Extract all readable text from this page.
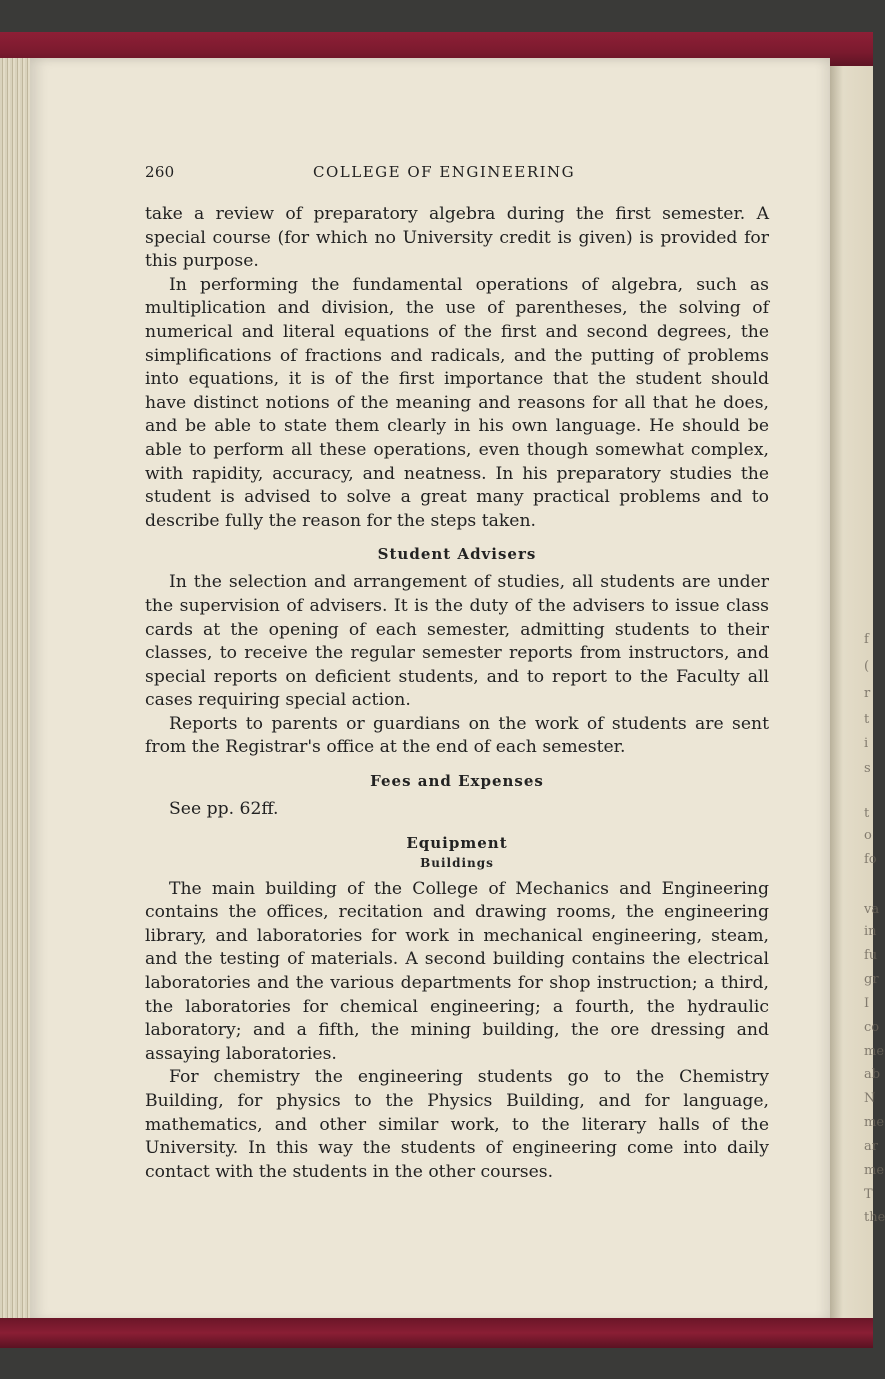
f
(
r
t
i
s
t
o
fo
va
in
fu
gr
I
co
me
ab
N
me
ar
me
T
the
260	COLLEGE OF ENGINEERING

take a review of preparatory algebra during the first semester. A special course (for which no University credit is given) is provided for this purpose.

In performing the fundamental operations of algebra, such as multiplication and division, the use of parentheses, the solving of numerical and literal equations of the first and second degrees, the simplifications of fractions and radicals, and the putting of problems into equations, it is of the first importance that the student should have distinct notions of the meaning and reasons for all that he does, and be able to state them clearly in his own language. He should be able to perform all these operations, even though somewhat complex, with rapidity, accuracy, and neatness. In his preparatory studies the student is advised to solve a great many practical problems and to describe fully the reason for the steps taken.

Student Advisers

In the selection and arrangement of studies, all students are under the supervision of advisers. It is the duty of the advisers to issue class cards at the opening of each semester, admitting students to their classes, to receive the regular semester reports from instructors, and special reports on deficient students, and to report to the Faculty all cases requiring special action.

Reports to parents or guardians on the work of students are sent from the Registrar's office at the end of each semester.

Fees and Expenses

See pp. 62ff.

Equipment
Buildings

The main building of the College of Mechanics and Engineering contains the offices, recitation and drawing rooms, the engineering library, and laboratories for work in mechanical engineering, steam, and the testing of materials. A second building contains the electrical laboratories and the various departments for shop instruction; a third, the laboratories for chemical engineering; a fourth, the hydraulic laboratory; and a fifth, the mining building, the ore dressing and assaying laboratories.

For chemistry the engineering students go to the Chemistry Building, for physics to the Physics Building, and for language, mathematics, and other similar work, to the literary halls of the University. In this way the students of engineering come into daily contact with the students in the other courses.
